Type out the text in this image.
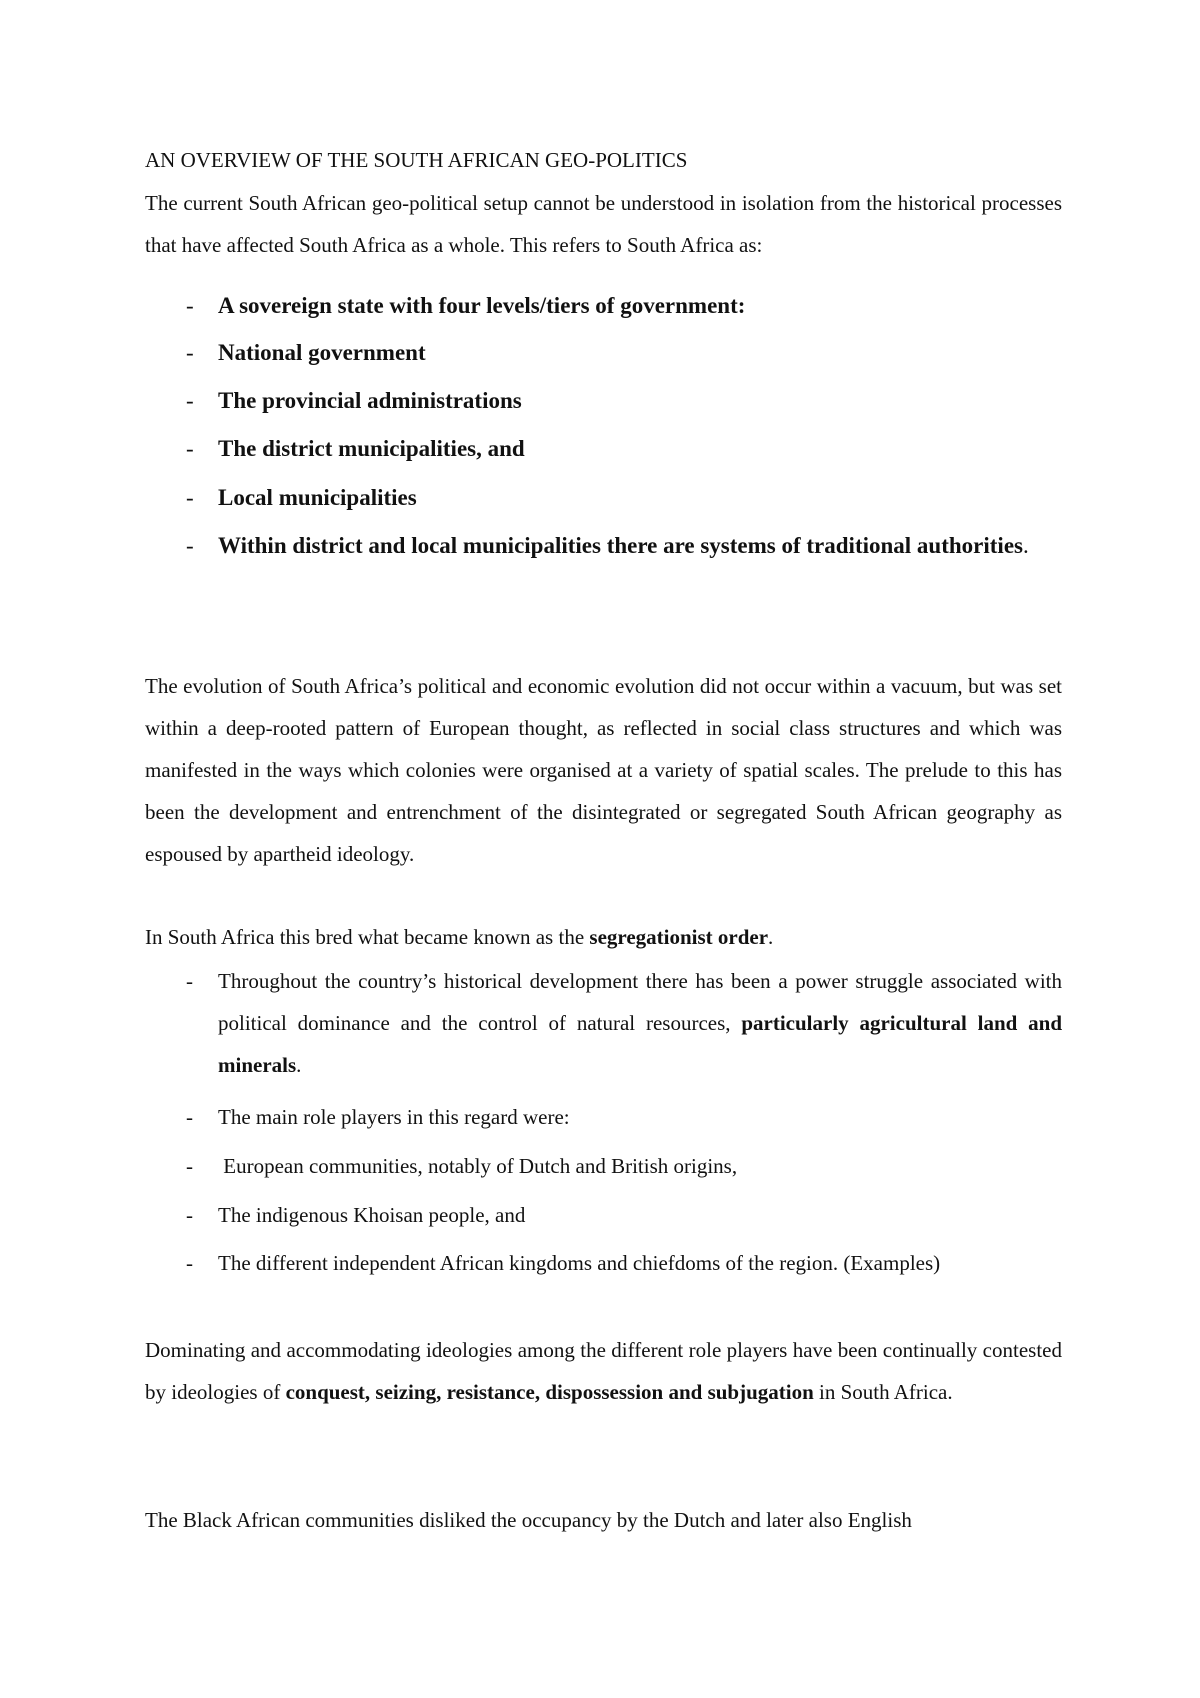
AN OVERVIEW OF THE SOUTH AFRICAN GEO-POLITICS
The current South African geo-political setup cannot be understood in isolation from the historical processes that have affected South Africa as a whole. This refers to South Africa as:
- A sovereign state with four levels/tiers of government:
- National government
- The provincial administrations
- The district municipalities, and
- Local municipalities
- Within district and local municipalities there are systems of traditional authorities.
The evolution of South Africa’s political and economic evolution did not occur within a vacuum, but was set within a deep-rooted pattern of European thought, as reflected in social class structures and which was manifested in the ways which colonies were organised at a variety of spatial scales. The prelude to this has been the development and entrenchment of the disintegrated or segregated South African geography as espoused by apartheid ideology.
In South Africa this bred what became known as the segregationist order.
- Throughout the country’s historical development there has been a power struggle associated with political dominance and the control of natural resources, particularly agricultural land and minerals.
- The main role players in this regard were:
- European communities, notably of Dutch and British origins,
- The indigenous Khoisan people, and
- The different independent African kingdoms and chiefdoms of the region. (Examples)
Dominating and accommodating ideologies among the different role players have been continually contested by ideologies of conquest, seizing, resistance, dispossession and subjugation in South Africa.
The Black African communities disliked the occupancy by the Dutch and later also English
